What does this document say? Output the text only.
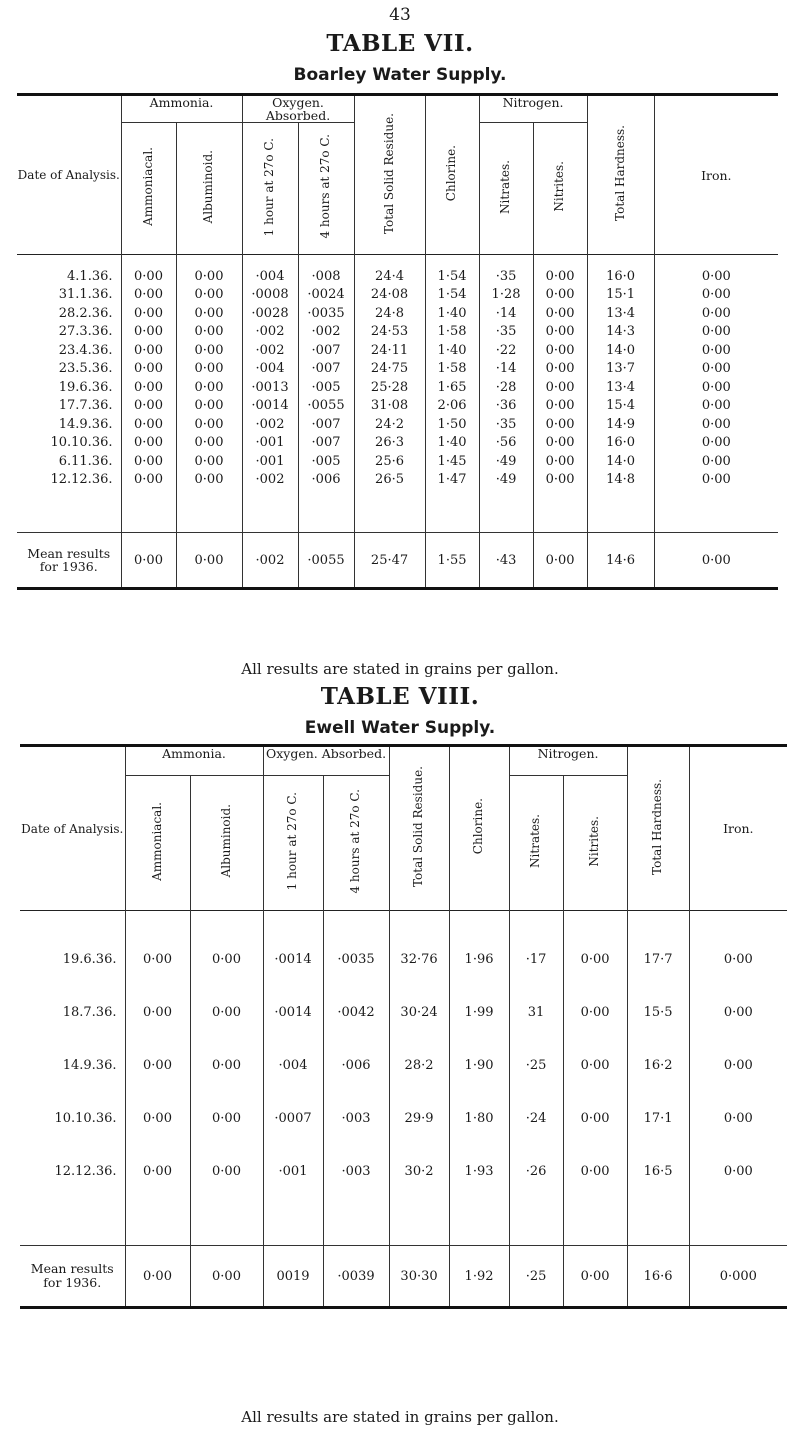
43
TABLE VII.
Boarley Water Supply.
Date of Analysis.	Ammonia.		Oxygen. Absorbed.		Total Solid Residue.	Chlorine.	Nitrogen.		Total Hardness.	Iron.
	Ammoniacal.	Albuminoid.	1 hour at 27o C.	4 hours at 27o C.			Nitrates.	Nitrites.		

4.1.36.	0·00	0·00	·004	·008	24·4	1·54	·35	0·00	16·0	0·00
31.1.36.	0·00	0·00	·0008	·0024	24·08	1·54	1·28	0·00	15·1	0·00
28.2.36.	0·00	0·00	·0028	·0035	24·8	1·40	·14	0·00	13·4	0·00
27.3.36.	0·00	0·00	·002	·002	24·53	1·58	·35	0·00	14·3	0·00
23.4.36.	0·00	0·00	·002	·007	24·11	1·40	·22	0·00	14·0	0·00
23.5.36.	0·00	0·00	·004	·007	24·75	1·58	·14	0·00	13·7	0·00
19.6.36.	0·00	0·00	·0013	·005	25·28	1·65	·28	0·00	13·4	0·00
17.7.36.	0·00	0·00	·0014	·0055	31·08	2·06	·36	0·00	15·4	0·00
14.9.36.	0·00	0·00	·002	·007	24·2	1·50	·35	0·00	14·9	0·00
10.10.36.	0·00	0·00	·001	·007	26·3	1·40	·56	0·00	16·0	0·00
6.11.36.	0·00	0·00	·001	·005	25·6	1·45	·49	0·00	14·0	0·00
12.12.36.	0·00	0·00	·002	·006	26·5	1·47	·49	0·00	14·8	0·00

Mean results for 1936.	0·00	0·00	·002	·0055	25·47	1·55	·43	0·00	14·6	0·00
All results are stated in grains per gallon.
TABLE VIII.
Ewell Water Supply.
Date of Analysis.	Ammonia.		Oxygen. Absorbed.		Total Solid Residue.	Chlorine.	Nitrogen.		Total Hardness.	Iron.
	Ammoniacal.	Albuminoid.	1 hour at 27o C.	4 hours at 27o C.			Nitrates.	Nitrites.		

19.6.36.	0·00	0·00	·0014	·0035	32·76	1·96	·17	0·00	17·7	0·00
18.7.36.	0·00	0·00	·0014	·0042	30·24	1·99	31	0·00	15·5	0·00
14.9.36.	0·00	0·00	·004	·006	28·2	1·90	·25	0·00	16·2	0·00
10.10.36.	0·00	0·00	·0007	·003	29·9	1·80	·24	0·00	17·1	0·00
12.12.36.	0·00	0·00	·001	·003	30·2	1·93	·26	0·00	16·5	0·00

Mean results for 1936.	0·00	0·00	0019	·0039	30·30	1·92	·25	0·00	16·6	0·000
All results are stated in grains per gallon.
